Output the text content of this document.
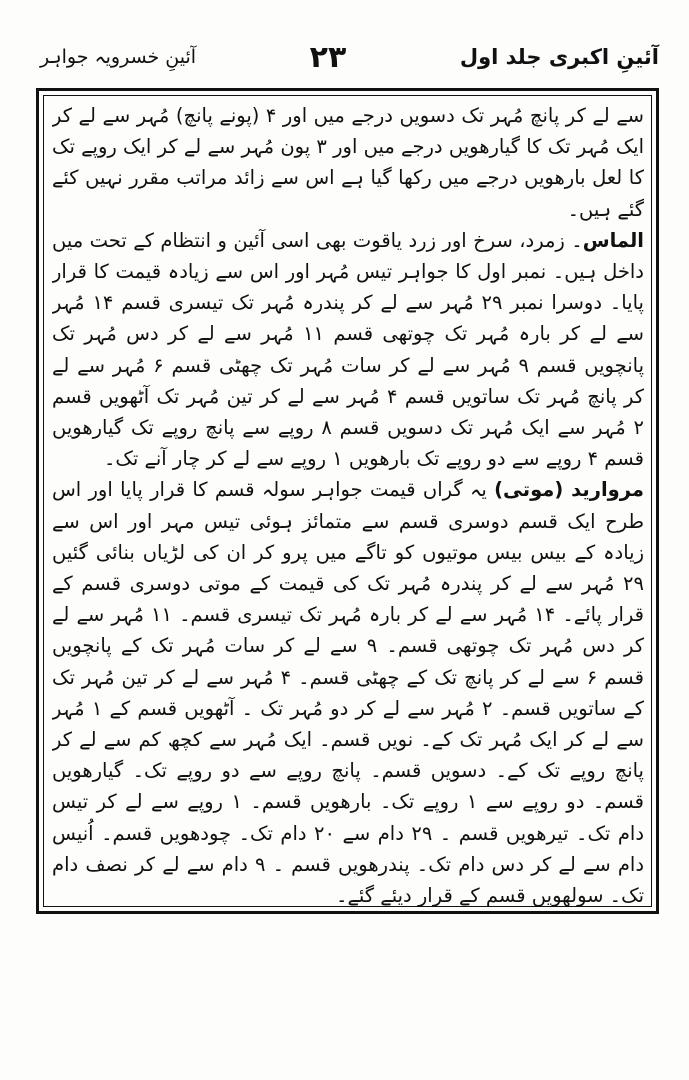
آئینِ خسرویہ جواہر	۲۳	آئینِ اکبری جلد اول

سے لے کر پانچ مُہر تک دسویں درجے میں اور ۴ (پونے پانچ) مُہر سے لے کر ایک مُہر تک کا گیارھویں درجے میں اور ۳ پون مُہر سے لے کر ایک روپے تک کا لعل بارھویں درجے میں رکھا گیا ہے اس سے زائد مراتب مقرر نہیں کئے گئے ہیں۔

الماس۔ زمرد، سرخ اور زرد یاقوت بھی اسی آئین و انتظام کے تحت میں داخل ہیں۔ نمبر اول کا جواہر تیس مُہر اور اس سے زیادہ قیمت کا قرار پایا۔ دوسرا نمبر ۲۹ مُہر سے لے کر پندرہ مُہر تک تیسری قسم ۱۴ مُہر سے لے کر بارہ مُہر تک چوتھی قسم ۱۱ مُہر سے لے کر دس مُہر تک پانچویں قسم ۹ مُہر سے لے کر سات مُہر تک چھٹی قسم ۶ مُہر سے لے کر پانچ مُہر تک ساتویں قسم ۴ مُہر سے لے کر تین مُہر تک آٹھویں قسم ۲ مُہر سے ایک مُہر تک دسویں قسم ۸ روپے سے پانچ روپے تک گیارھویں قسم ۴ روپے سے دو روپے تک بارھویں ۱ روپے سے لے کر چار آنے تک۔

مروارید (موتی) یہ گراں قیمت جواہر سولہ قسم کا قرار پایا اور اس طرح ایک قسم دوسری قسم سے متمائز ہوئی تیس مہر اور اس سے زیادہ کے بیس بیس موتیوں کو تاگے میں پرو کر ان کی لڑیاں بنائی گئیں ۲۹ مُہر سے لے کر پندرہ مُہر تک کی قیمت کے موتی دوسری قسم کے قرار پائے۔ ۱۴ مُہر سے لے کر بارہ مُہر تک تیسری قسم۔ ۱۱ مُہر سے لے کر دس مُہر تک چوتھی قسم۔ ۹ سے لے کر سات مُہر تک کے پانچویں قسم ۶ سے لے کر پانچ تک کے چھٹی قسم۔ ۴ مُہر سے لے کر تین مُہر تک کے ساتویں قسم۔ ۲ مُہر سے لے کر دو مُہر تک ۔ آٹھویں قسم کے ۱ مُہر سے لے کر ایک مُہر تک کے۔ نویں قسم۔ ایک مُہر سے کچھ کم سے لے کر پانچ روپے تک کے۔ دسویں قسم۔ پانچ روپے سے دو روپے تک۔ گیارھویں قسم۔ دو روپے سے ۱ روپے تک۔ بارھویں قسم۔ ۱ روپے سے لے کر تیس دام تک۔ تیرھویں قسم ۔ ۲۹ دام سے ۲۰ دام تک۔ چودھویں قسم۔ اُنیس دام سے لے کر دس دام تک۔ پندرھویں قسم ۔ ۹ دام سے لے کر نصف دام تک۔ سولھویں قسم کے قرار دیئے گئے۔
